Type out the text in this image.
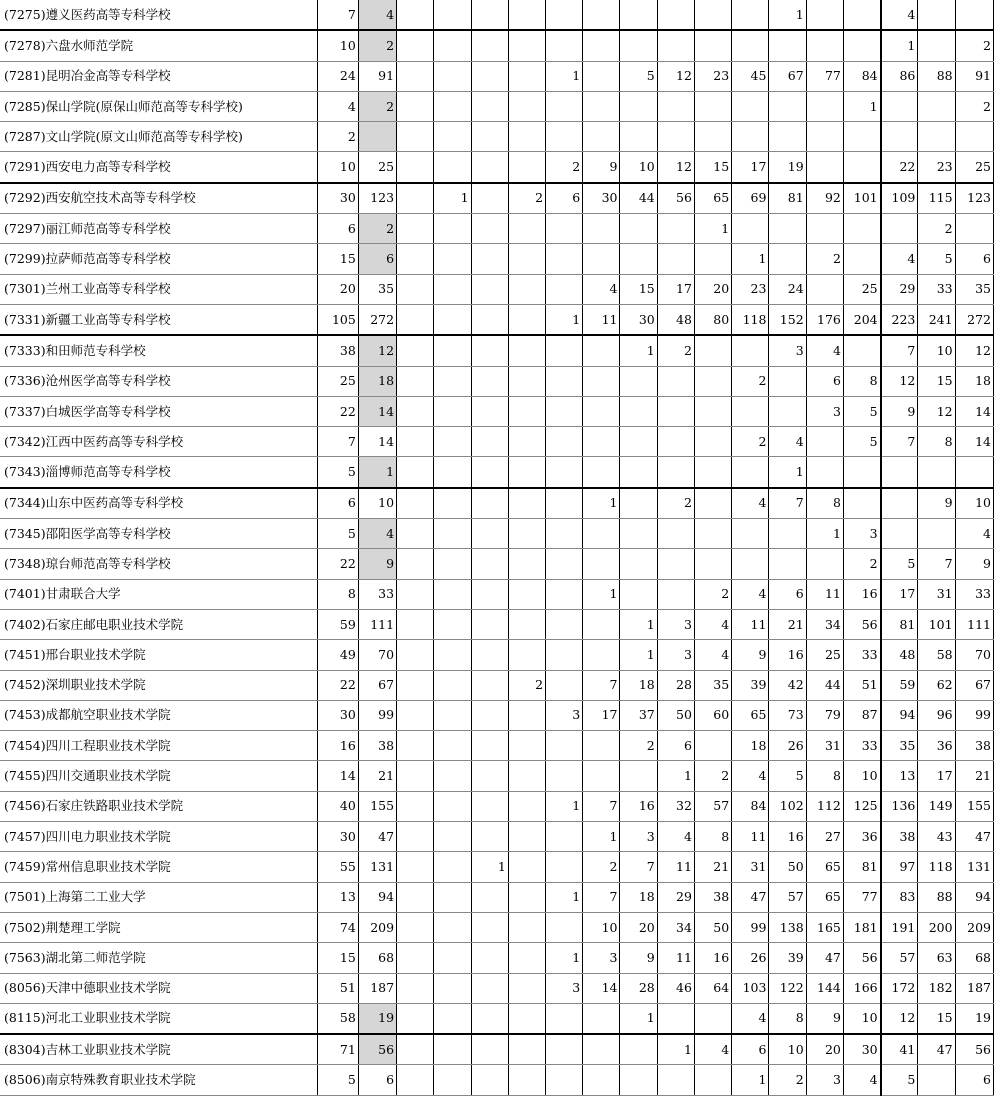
(7275)遵义医药高等专科学校	7	4											1			4		
(7278)六盘水师范学院	10	2														1		2
(7281)昆明冶金高等专科学校	24	91					1		5	12	23	45	67	77	84	86	88	91
(7285)保山学院(原保山师范高等专科学校)	4	2													1			2
(7287)文山学院(原文山师范高等专科学校)	2																	
(7291)西安电力高等专科学校	10	25					2	9	10	12	15	17	19			22	23	25
(7292)西安航空技术高等专科学校	30	123		1		2	6	30	44	56	65	69	81	92	101	109	115	123
(7297)丽江师范高等专科学校	6	2									1						2	
(7299)拉萨师范高等专科学校	15	6										1		2		4	5	6
(7301)兰州工业高等专科学校	20	35						4	15	17	20	23	24		25	29	33	35
(7331)新疆工业高等专科学校	105	272					1	11	30	48	80	118	152	176	204	223	241	272
(7333)和田师范专科学校	38	12							1	2			3	4		7	10	12
(7336)沧州医学高等专科学校	25	18										2		6	8	12	15	18
(7337)白城医学高等专科学校	22	14												3	5	9	12	14
(7342)江西中医药高等专科学校	7	14										2	4		5	7	8	14
(7343)淄博师范高等专科学校	5	1											1					
(7344)山东中医药高等专科学校	6	10						1		2		4	7	8			9	10
(7345)邵阳医学高等专科学校	5	4												1	3			4
(7348)琼台师范高等专科学校	22	9													2	5	7	9
(7401)甘肃联合大学	8	33						1			2	4	6	11	16	17	31	33
(7402)石家庄邮电职业技术学院	59	111							1	3	4	11	21	34	56	81	101	111
(7451)邢台职业技术学院	49	70							1	3	4	9	16	25	33	48	58	70
(7452)深圳职业技术学院	22	67				2		7	18	28	35	39	42	44	51	59	62	67
(7453)成都航空职业技术学院	30	99					3	17	37	50	60	65	73	79	87	94	96	99
(7454)四川工程职业技术学院	16	38							2	6		18	26	31	33	35	36	38
(7455)四川交通职业技术学院	14	21								1	2	4	5	8	10	13	17	21
(7456)石家庄铁路职业技术学院	40	155					1	7	16	32	57	84	102	112	125	136	149	155
(7457)四川电力职业技术学院	30	47						1	3	4	8	11	16	27	36	38	43	47
(7459)常州信息职业技术学院	55	131			1			2	7	11	21	31	50	65	81	97	118	131
(7501)上海第二工业大学	13	94					1	7	18	29	38	47	57	65	77	83	88	94
(7502)荆楚理工学院	74	209						10	20	34	50	99	138	165	181	191	200	209
(7563)湖北第二师范学院	15	68					1	3	9	11	16	26	39	47	56	57	63	68
(8056)天津中德职业技术学院	51	187					3	14	28	46	64	103	122	144	166	172	182	187
(8115)河北工业职业技术学院	58	19							1			4	8	9	10	12	15	19
(8304)吉林工业职业技术学院	71	56								1	4	6	10	20	30	41	47	56
(8506)南京特殊教育职业技术学院	5	6										1	2	3	4	5		6
